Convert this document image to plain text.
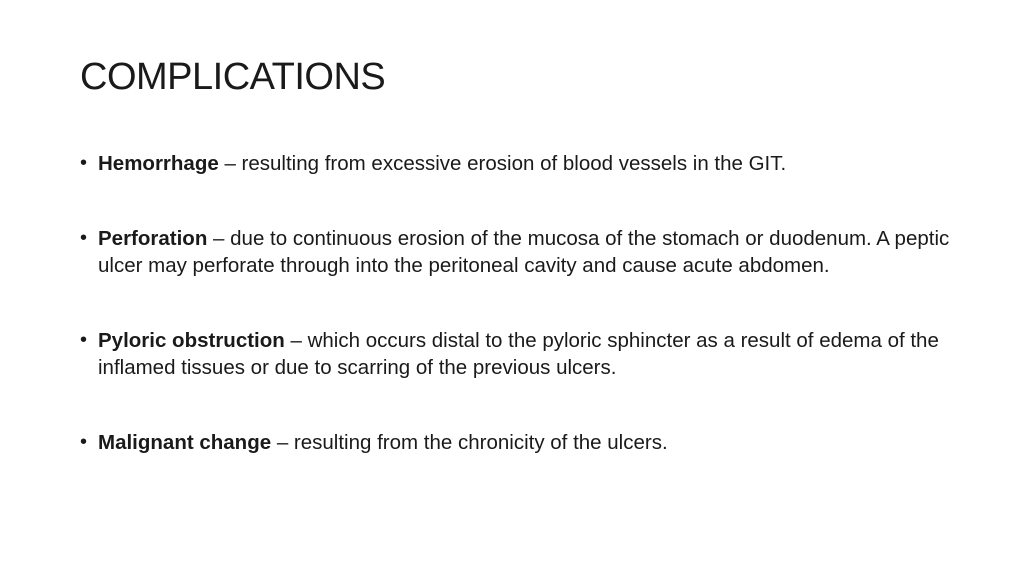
COMPLICATIONS
• Hemorrhage – resulting from excessive erosion of blood vessels in the GIT.
• Perforation – due to continuous erosion of the mucosa of the stomach or duodenum. A peptic ulcer may perforate through into the peritoneal cavity and cause acute abdomen.
• Pyloric obstruction – which occurs distal to the pyloric sphincter as a result of edema of the inflamed tissues or due to scarring of the previous ulcers.
• Malignant change – resulting from the chronicity of the ulcers.
